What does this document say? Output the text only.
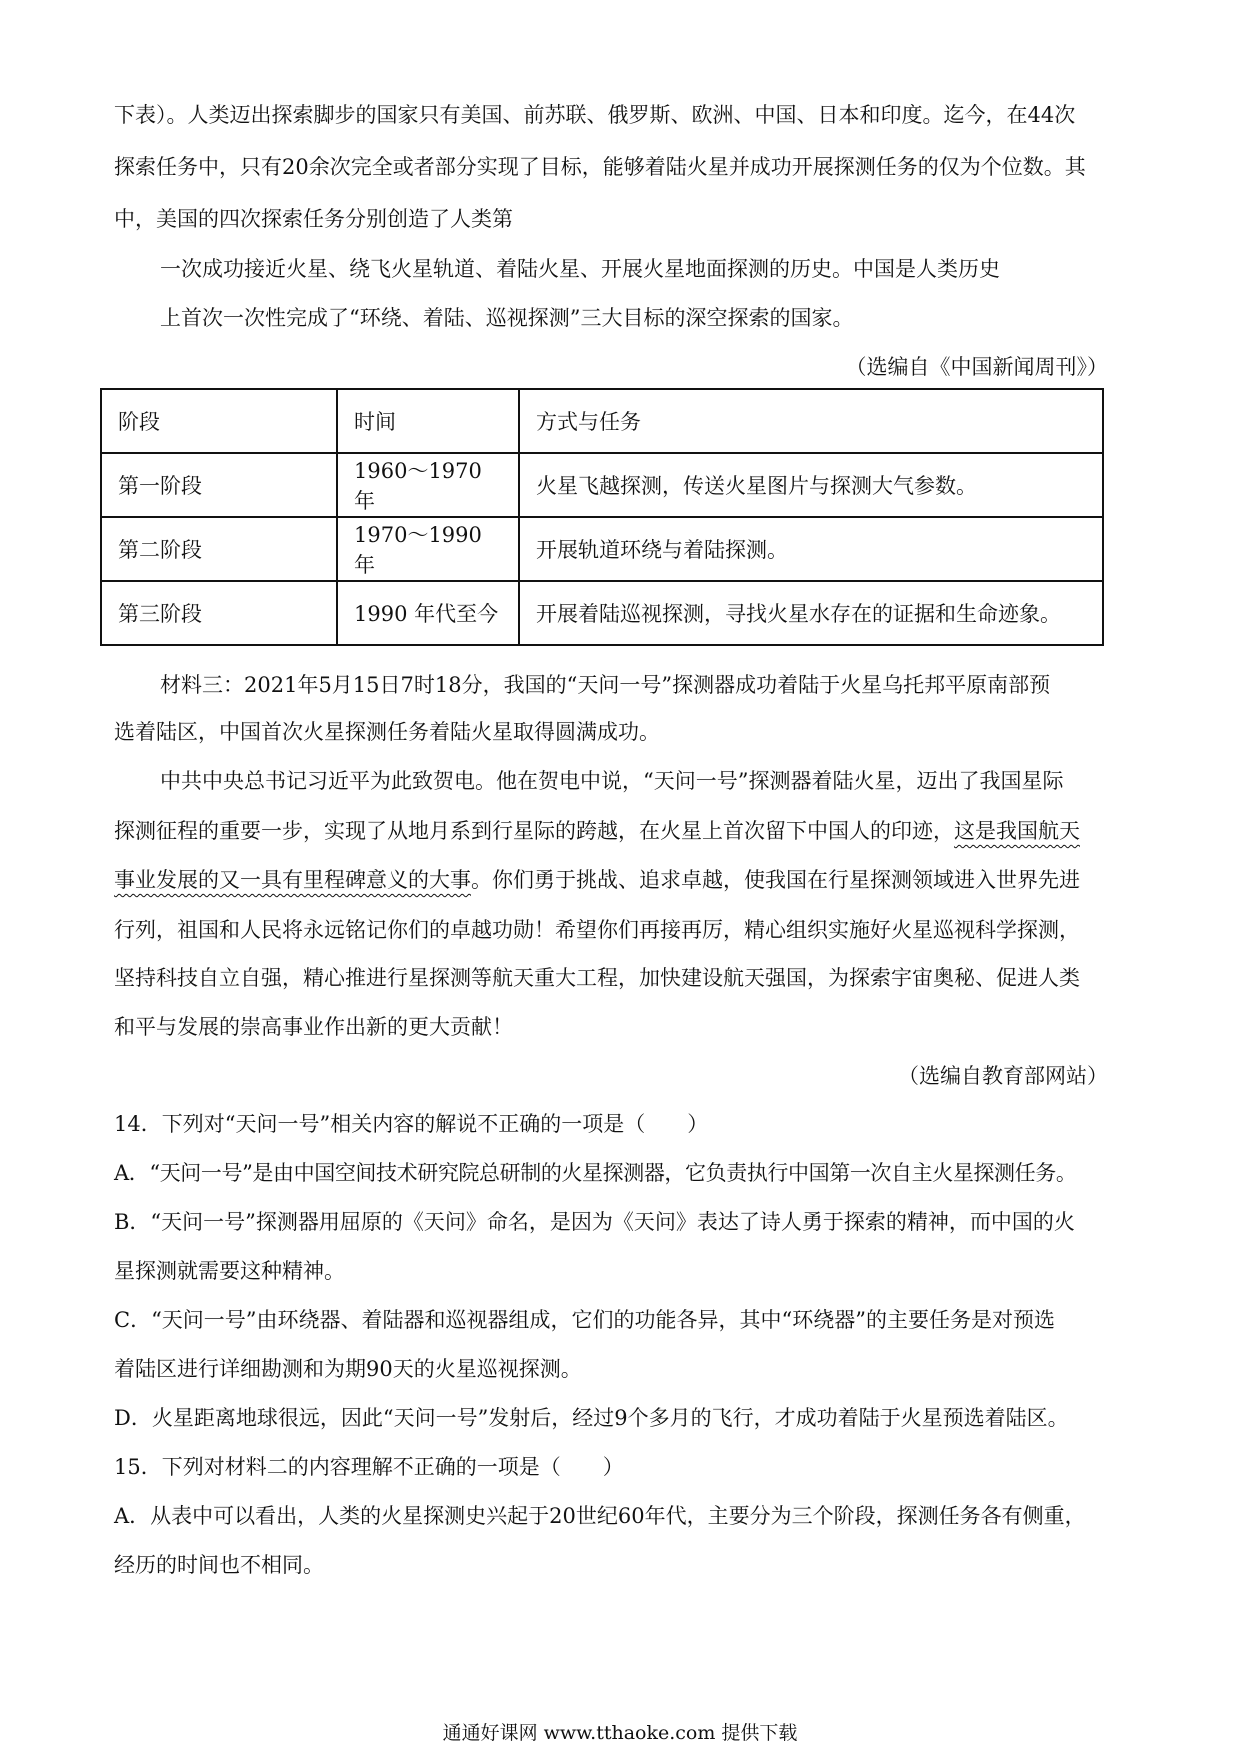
下表）。人类迈出探索脚步的国家只有美国、前苏联、俄罗斯、欧洲、中国、日本和印度。迄今，在44次
探索任务中，只有20余次完全或者部分实现了目标，能够着陆火星并成功开展探测任务的仅为个位数。其
中，美国的四次探索任务分别创造了人类第
一次成功接近火星、绕飞火星轨道、着陆火星、开展火星地面探测的历史。中国是人类历史
上首次一次性完成了“环绕、着陆、巡视探测”三大目标的深空探索的国家。
（选编自《中国新闻周刊》）
阶段	时间	方式与任务
第一阶段	1960～1970 年	火星飞越探测，传送火星图片与探测大气参数。
第二阶段	1970～1990 年	开展轨道环绕与着陆探测。
第三阶段	1990 年代至今	开展着陆巡视探测，寻找火星水存在的证据和生命迹象。
材料三：2021年5月15日7时18分，我国的“天问一号”探测器成功着陆于火星乌托邦平原南部预
选着陆区，中国首次火星探测任务着陆火星取得圆满成功。
中共中央总书记习近平为此致贺电。他在贺电中说，“天问一号”探测器着陆火星，迈出了我国星际
探测征程的重要一步，实现了从地月系到行星际的跨越，在火星上首次留下中国人的印迹，这是我国航天
事业发展的又一具有里程碑意义的大事。你们勇于挑战、追求卓越，使我国在行星探测领域进入世界先进
行列，祖国和人民将永远铭记你们的卓越功勋！希望你们再接再厉，精心组织实施好火星巡视科学探测，
坚持科技自立自强，精心推进行星探测等航天重大工程，加快建设航天强国，为探索宇宙奥秘、促进人类
和平与发展的崇高事业作出新的更大贡献！
（选编自教育部网站）
14．下列对“天问一号”相关内容的解说不正确的一项是（　　）
A．“天问一号”是由中国空间技术研究院总研制的火星探测器，它负责执行中国第一次自主火星探测任务。
B．“天问一号”探测器用屈原的《天问》命名，是因为《天问》表达了诗人勇于探索的精神，而中国的火
星探测就需要这种精神。
C．“天问一号”由环绕器、着陆器和巡视器组成，它们的功能各异，其中“环绕器”的主要任务是对预选
着陆区进行详细勘测和为期90天的火星巡视探测。
D．火星距离地球很远，因此“天问一号”发射后，经过9个多月的飞行，才成功着陆于火星预选着陆区。
15．下列对材料二的内容理解不正确的一项是（　　）
A．从表中可以看出，人类的火星探测史兴起于20世纪60年代，主要分为三个阶段，探测任务各有侧重，
经历的时间也不相同。
通通好课网 www.tthaoke.com 提供下载
